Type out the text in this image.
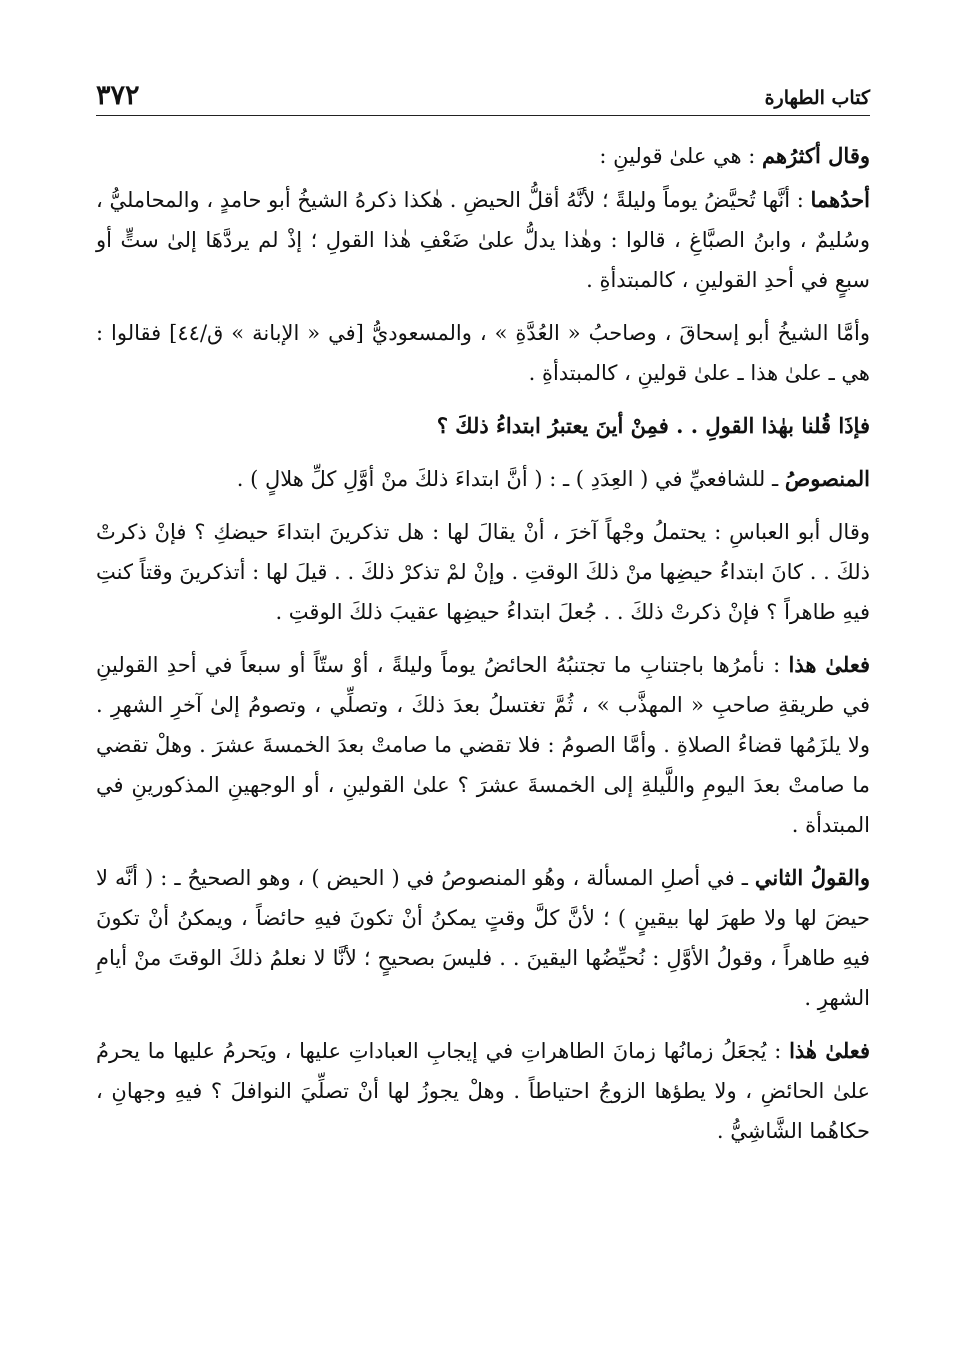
كتاب الطهارة
٣٧٢

وقال أكثرُهم : هي علىٰ قولينِ :

أحدُهما : أنَّها تُحيَّضُ يوماً وليلةً ؛ لأنَّهُ أقلُّ الحيضِ . هٰكذا ذكرهُ الشيخُ أبو حامدٍ ، والمحامليُّ ، وسُليمٌ ، وابنُ الصبَّاغِ ، قالوا : وهٰذا يدلُّ علىٰ ضَعْفِ هٰذا القولِ ؛ إذْ لم يردَّهَا إلىٰ ستٍّ أو سبعٍ في أحدِ القولينِ ، كالمبتدأةِ .

وأمَّا الشيخُ أبو إسحاقَ ، وصاحبُ « العُدَّةِ » ، والمسعوديُّ [في « الإبانة » ق/٤٤] فقالوا : هي ـ علىٰ هذا ـ علىٰ قولينِ ، كالمبتدأةِ .

فإذَا قُلنا بهٰذا القولِ . . فمِنْ أينَ يعتبرُ ابتداءُ ذلكَ ؟

المنصوصُ ـ للشافعيِّ في ( العِدَدِ ) ـ : ( أنَّ ابتداءَ ذلكَ منْ أوَّلِ كلِّ هلالٍ ) .

وقال أبو العباسِ : يحتملُ وجْهاً آخرَ ، أنْ يقالَ لها : هل تذكرينَ ابتداءَ حيضكِ ؟ فإنْ ذكرتْ ذلكَ . . كانَ ابتداءُ حيضِها منْ ذلكَ الوقتِ . وإنْ لمْ تذكرْ ذلكَ . . قيلَ لها : أتذكرينَ وقتاً كنتِ فيهِ طاهراً ؟ فإنْ ذكرتْ ذلكَ . . جُعلَ ابتداءُ حيضِها عقيبَ ذلكَ الوقتِ .

فعلىٰ هذا : نأمرُها باجتنابِ ما تجتنبُهُ الحائضُ يوماً وليلةً ، أوْ ستّاً أو سبعاً في أحدِ القولينِ في طريقةِ صاحبِ « المهذَّب » ، ثُمَّ تغتسلُ بعدَ ذلكَ ، وتصلِّي ، وتصومُ إلىٰ آخرِ الشهرِ . ولا يلزَمُها قضاءُ الصلاةِ . وأمَّا الصومُ : فلا تقضي ما صامتْ بعدَ الخمسةَ عشرَ . وهلْ تقضي ما صامتْ بعدَ اليومِ واللَّيلةِ إلى الخمسةَ عشرَ ؟ علىٰ القولينِ ، أو الوجهينِ المذكورينِ في المبتدأة .

والقولُ الثاني ـ في أصلِ المسألة ، وهُو المنصوصُ في ( الحيض ) ، وهو الصحيحُ ـ : ( أنَّه لا حيضَ لها ولا طهرَ لها بيقينٍ ) ؛ لأنَّ كلَّ وقتٍ يمكنُ أنْ تكونَ فيهِ حائضاً ، ويمكنُ أنْ تكونَ فيهِ طاهراً ، وقولُ الأوَّلِ : نُحيِّضُها اليقينَ . . فليسَ بصحيحٍ ؛ لأنَّا لا نعلمُ ذلكَ الوقتَ منْ أيامِ الشهرِ .

فعلىٰ هٰذا : يُجعَلُ زمانُها زمانَ الطاهراتِ في إيجابِ العباداتِ عليها ، ويَحرمُ عليها ما يحرمُ علىٰ الحائضِ ، ولا يطؤها الزوجُ احتياطاً . وهلْ يجوزُ لها أنْ تصلِّيَ النوافلَ ؟ فيهِ وجهانِ ، حكاهُما الشَّاشِيُّ .
